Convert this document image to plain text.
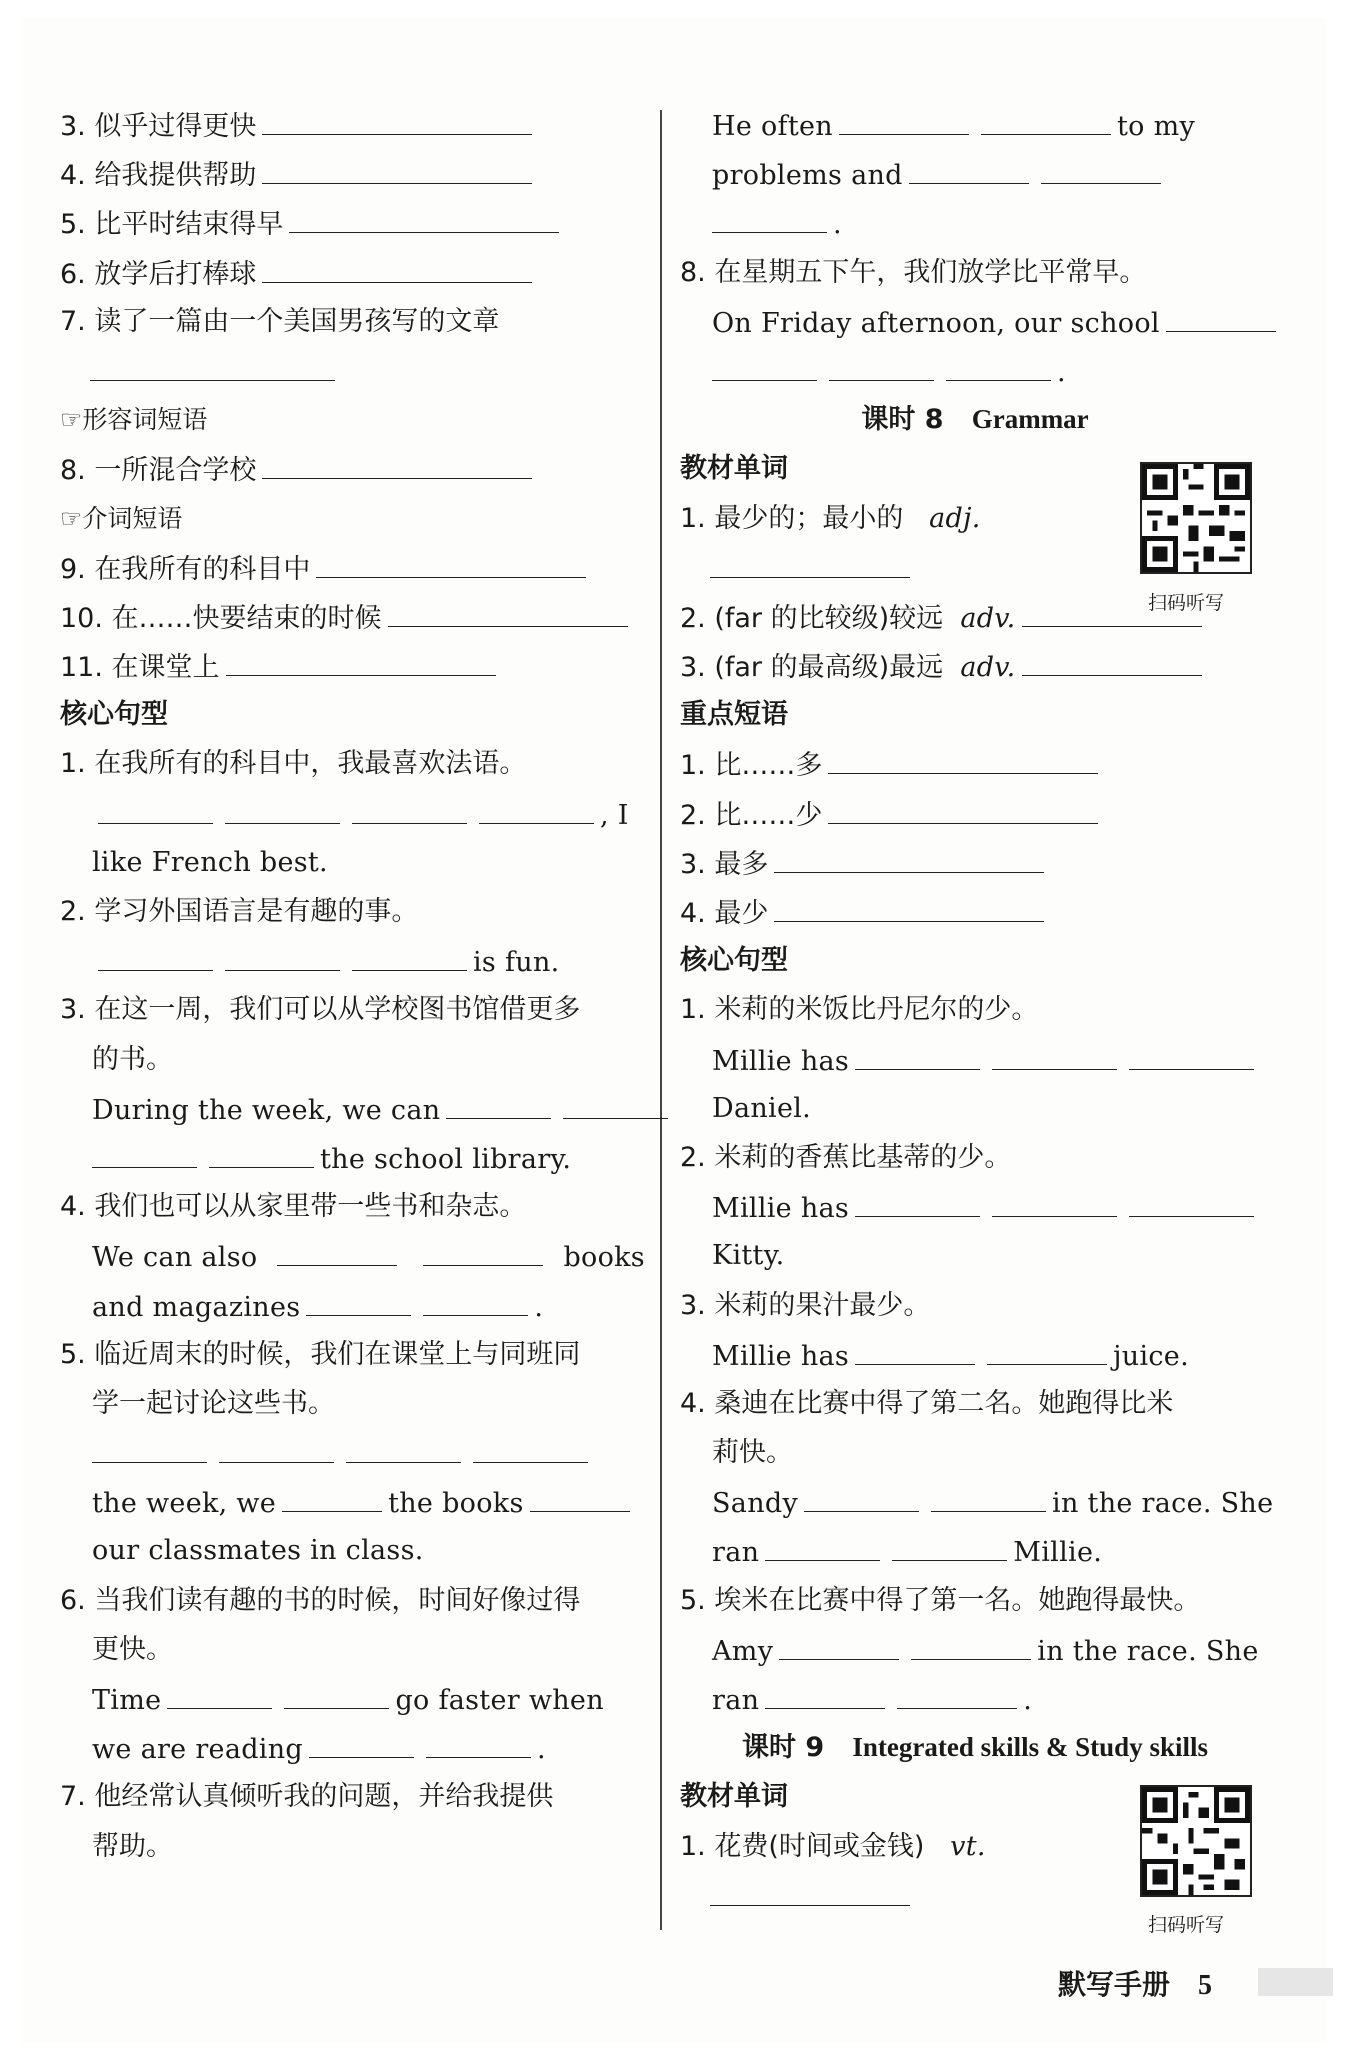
3. 似乎过得更快
4. 给我提供帮助
5. 比平时结束得早
6. 放学后打棒球
7. 读了一篇由一个美国男孩写的文章
☞形容词短语
8. 一所混合学校
☞介词短语
9. 在我所有的科目中
10. 在……快要结束的时候
11. 在课堂上
核心句型
1. 在我所有的科目中，我最喜欢法语。
, I
like French best.
2. 学习外国语言是有趣的事。
is fun.
3. 在这一周，我们可以从学校图书馆借更多
的书。
During the week, we can
the school library.
4. 我们也可以从家里带一些书和杂志。
We can also	books
and magazines	.
5. 临近周末的时候，我们在课堂上与同班同
学一起讨论这些书。
the week, we	the books
our classmates in class.
6. 当我们读有趣的书的时候，时间好像过得
更快。
Time	go faster when
we are reading	.
7. 他经常认真倾听我的问题，并给我提供
帮助。
He often	to my
problems and
.
8. 在星期五下午，我们放学比平常早。
On Friday afternoon, our school
.
课时 8 Grammar
教材单词
1. 最少的；最小的 adj.
2. (far 的比较级)较远 adv.
3. (far 的最高级)最远 adv.
重点短语
1. 比……多
2. 比……少
3. 最多
4. 最少
核心句型
1. 米莉的米饭比丹尼尔的少。
Millie has
Daniel.
2. 米莉的香蕉比基蒂的少。
Millie has
Kitty.
3. 米莉的果汁最少。
Millie has	juice.
4. 桑迪在比赛中得了第二名。她跑得比米
莉快。
Sandy	in the race. She
ran	Millie.
5. 埃米在比赛中得了第一名。她跑得最快。
Amy	in the race. She
ran	.
课时 9 Integrated skills & Study skills
教材单词
1. 花费(时间或金钱) vt.
扫码听写
扫码听写
默写手册 5
